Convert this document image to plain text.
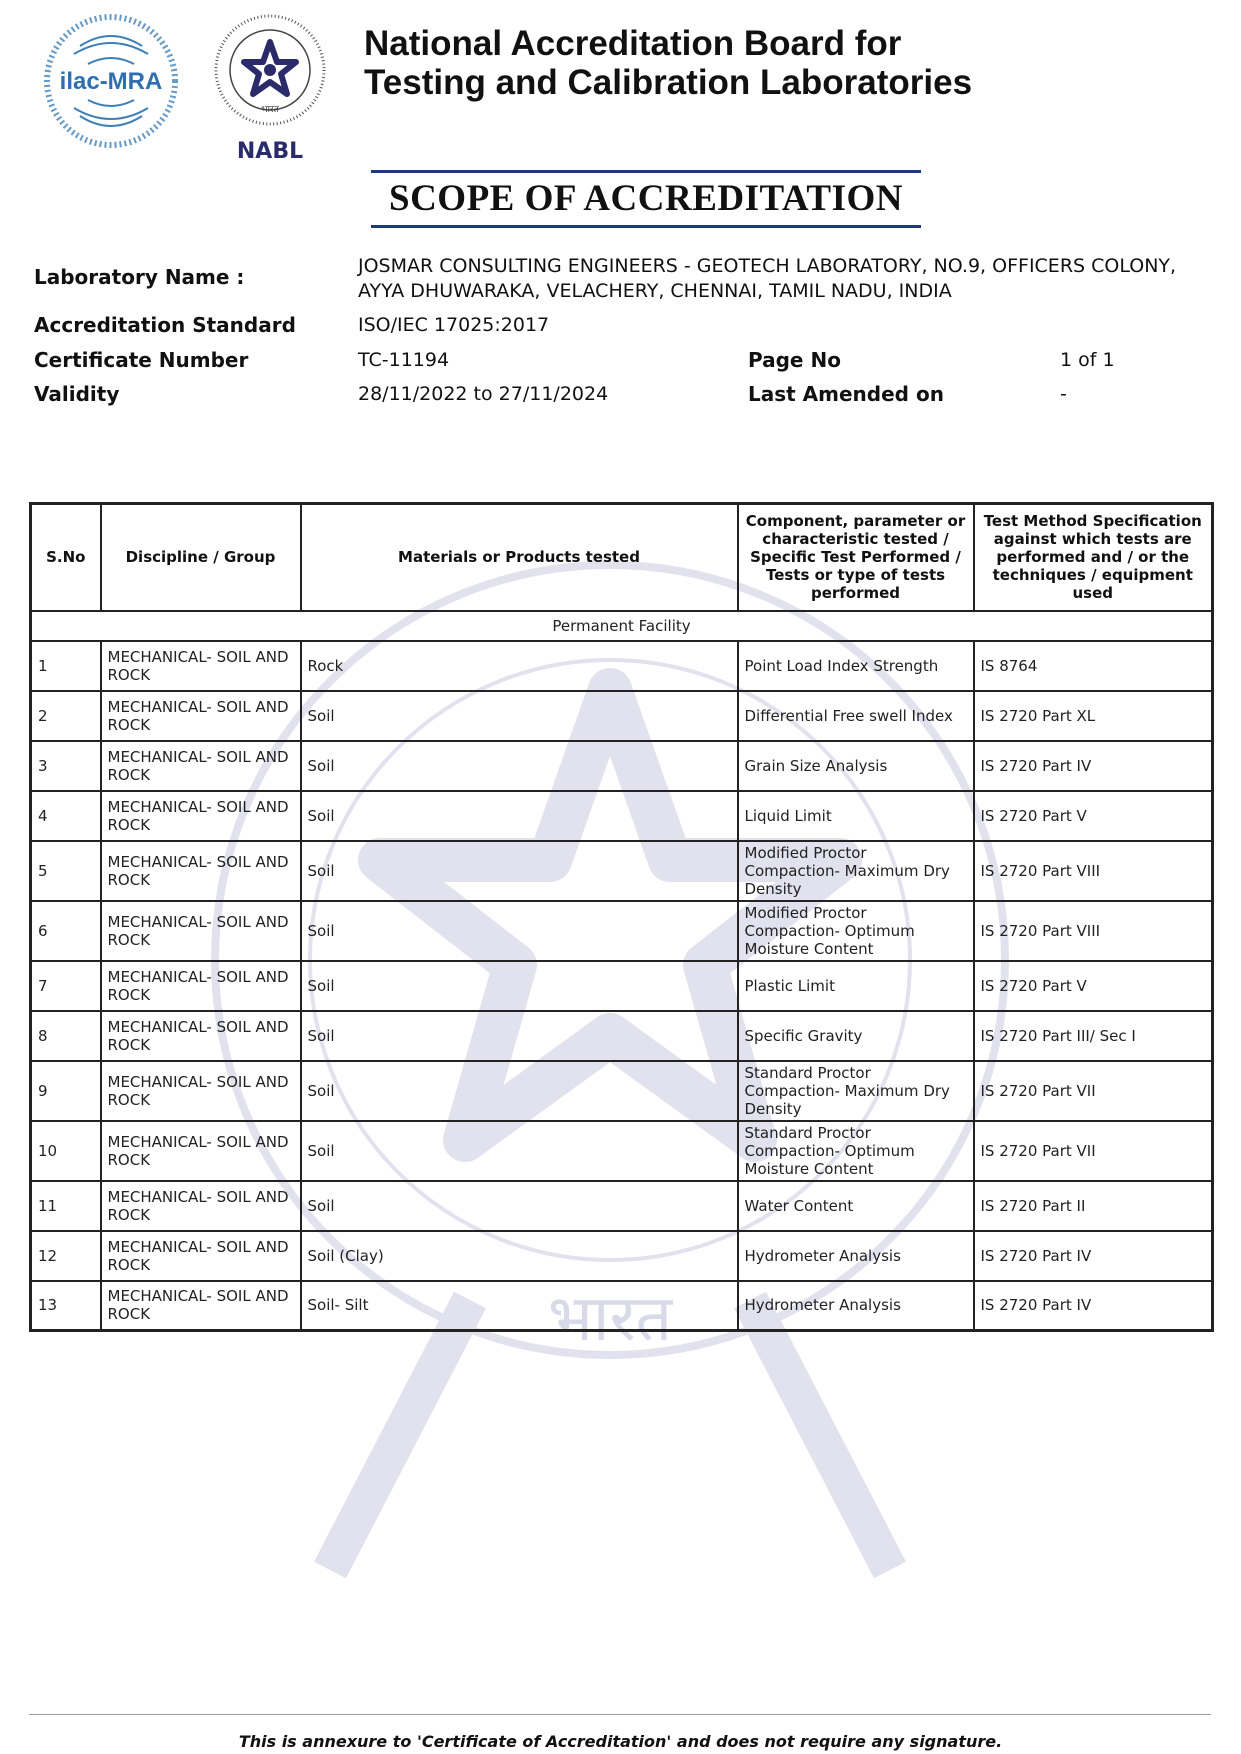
ilac-MRA
भारत
NABL
National Accreditation Board for
Testing and Calibration Laboratories
SCOPE OF ACCREDITATION
Laboratory Name :	JOSMAR CONSULTING ENGINEERS - GEOTECH LABORATORY, NO.9, OFFICERS COLONY,
AYYA DHUWARAKA, VELACHERY, CHENNAI, TAMIL NADU, INDIA
Accreditation Standard	ISO/IEC 17025:2017
Certificate Number	TC-11194	Page No	1 of 1
Validity	28/11/2022 to 27/11/2024	Last Amended on	-
भारत
S.No	Discipline / Group	Materials or Products tested	Component, parameter or characteristic tested / Specific Test Performed / Tests or type of tests performed	Test Method Specification against which tests are performed and / or the techniques / equipment used
Permanent Facility				
1	MECHANICAL- SOIL AND ROCK	Rock	Point Load Index Strength	IS 8764
2	MECHANICAL- SOIL AND ROCK	Soil	Differential Free swell Index	IS 2720 Part XL
3	MECHANICAL- SOIL AND ROCK	Soil	Grain Size Analysis	IS 2720 Part IV
4	MECHANICAL- SOIL AND ROCK	Soil	Liquid Limit	IS 2720 Part V
5	MECHANICAL- SOIL AND ROCK	Soil	Modified Proctor Compaction- Maximum Dry Density	IS 2720 Part VIII
6	MECHANICAL- SOIL AND ROCK	Soil	Modified Proctor Compaction- Optimum Moisture Content	IS 2720 Part VIII
7	MECHANICAL- SOIL AND ROCK	Soil	Plastic Limit	IS 2720 Part V
8	MECHANICAL- SOIL AND ROCK	Soil	Specific Gravity	IS 2720 Part III/ Sec I
9	MECHANICAL- SOIL AND ROCK	Soil	Standard Proctor Compaction- Maximum Dry Density	IS 2720 Part VII
10	MECHANICAL- SOIL AND ROCK	Soil	Standard Proctor Compaction- Optimum Moisture Content	IS 2720 Part VII
11	MECHANICAL- SOIL AND ROCK	Soil	Water Content	IS 2720 Part II
12	MECHANICAL- SOIL AND ROCK	Soil (Clay)	Hydrometer Analysis	IS 2720 Part IV
13	MECHANICAL- SOIL AND ROCK	Soil- Silt	Hydrometer Analysis	IS 2720 Part IV
This is annexure to 'Certificate of Accreditation' and does not require any signature.
